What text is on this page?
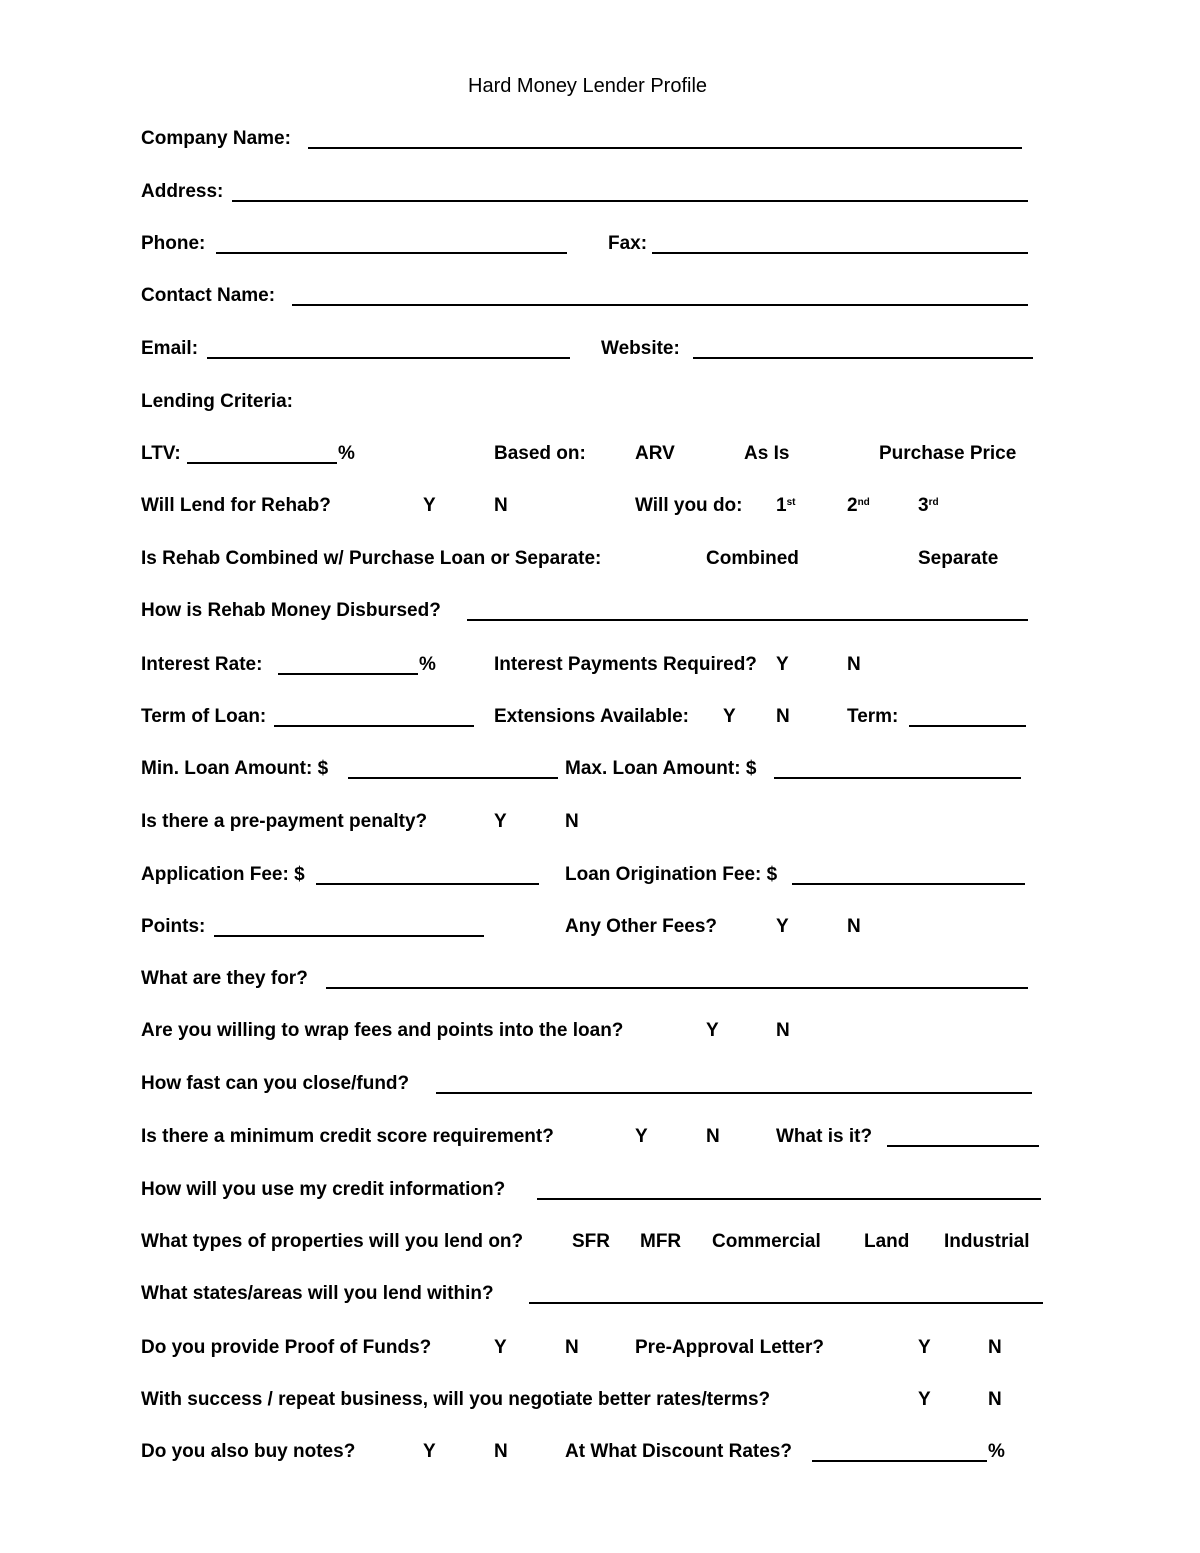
Hard Money Lender Profile
Company Name:
Address:
Phone:	Fax:
Contact Name:
Email:	Website:
Lending Criteria:
LTV:	%	Based on:	ARV	As Is	Purchase Price
Will Lend for Rehab?	Y	N	Will you do: 1st	2nd	3rd
Is Rehab Combined w/ Purchase Loan or Separate:	Combined	Separate
How is Rehab Money Disbursed?
Interest Rate:	%	Interest Payments Required? Y	N
Term of Loan:	Extensions Available: Y N	Term:
Min. Loan Amount: $	Max. Loan Amount: $
Is there a pre-payment penalty?	Y	N
Application Fee: $	Loan Origination Fee: $
Points:	Any Other Fees?	Y	N
What are they for?
Are you willing to wrap fees and points into the loan?	Y	N
How fast can you close/fund?
Is there a minimum credit score requirement?	Y	N	What is it?
How will you use my credit information?
What types of properties will you lend on?	SFR MFR Commercial Land Industrial
What states/areas will you lend within?
Do you provide Proof of Funds?	Y	N	Pre-Approval Letter?	Y	N
With success / repeat business, will you negotiate better rates/terms?	Y	N
Do you also buy notes?	Y	N	At What Discount Rates?	%
